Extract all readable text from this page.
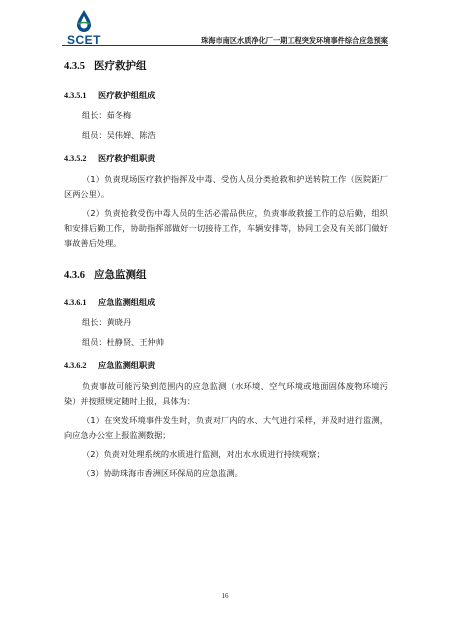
SCET	珠海市南区水质净化厂一期工程突发环境事件综合应急预案
4.3.5 医疗救护组
4.3.5.1 医疗救护组组成

组长：茹冬梅

组员：吴伟婵、陈浩

4.3.5.2 医疗救护组职责

（1）负责现场医疗救护指挥及中毒、受伤人员分类抢救和护送转院工作（医院距厂区两公里）。

（2）负责抢救受伤中毒人员的生活必需品供应，负责事故救援工作的总后勤，组织和安排后勤工作，协助指挥部做好一切接待工作，车辆安排等，协同工会及有关部门做好事故善后处理。

4.3.6 应急监测组
4.3.6.1 应急监测组组成

组长：黄晓丹

组员：杜静贤、王仲帅

4.3.6.2 应急监测组职责

负责事故可能污染到范围内的应急监测（水环境、空气环境或地面固体废物环境污染）并按照规定随时上报，具体为：

（1）在突发环境事件发生时，负责对厂内的水、大气进行采样，并及时进行监测，向应急办公室上报监测数据；

（2）负责对处理系统的水质进行监测，对出水水质进行持续观察；

（3）协助珠海市香洲区环保局的应急监测。

16
